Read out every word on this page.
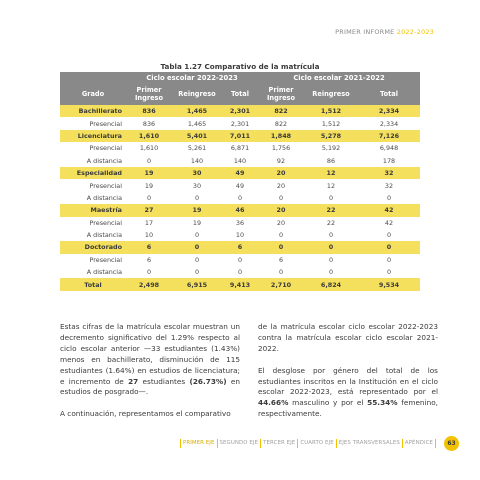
PRIMER INFORME 2022-2023
Tabla 1.27 Comparativo de la matrícula
	Ciclo escolar 2022-2023			Ciclo escolar 2021-2022		
Grado	Primer Ingreso	Reingreso	Total	Primer Ingreso	Reingreso	Total
Bachillerato	836	1,465	2,301	822	1,512	2,334
Presencial	836	1,465	2,301	822	1,512	2,334
Licenciatura	1,610	5,401	7,011	1,848	5,278	7,126
Presencial	1,610	5,261	6,871	1,756	5,192	6,948
A distancia	0	140	140	92	86	178
Especialidad	19	30	49	20	12	32
Presencial	19	30	49	20	12	32
A distancia	0	0	0	0	0	0
Maestría	27	19	46	20	22	42
Presencial	17	19	36	20	22	42
A distancia	10	0	10	0	0	0
Doctorado	6	0	6	0	0	0
Presencial	6	0	0	6	0	0
A distancia	0	0	0	0	0	0
Total	2,498	6,915	9,413	2,710	6,824	9,534

Estas cifras de la matrícula escolar muestran un decremento significativo del 1.29% respecto al ciclo escolar anterior —33 estudiantes (1.43%) menos en bachillerato, disminución de 115 estudiantes (1.64%) en estudios de licenciatura; e incremento de 27 estudiantes (26.73%) en estudios de posgrado—.

A continuación, representamos el comparativo

de la matrícula escolar ciclo escolar 2022-2023 contra la matrícula escolar ciclo escolar 2021-2022.

El desglose por género del total de los estudiantes inscritos en la Institución en el ciclo escolar 2022-2023, está representado por el 44.66% masculino y por el 55.34% femenino, respectivamente.

PRIMER EJE SEGUNDO EJE TERCER EJE CUARTO EJE EJES TRANSVERSALES APÉNDICE	63
